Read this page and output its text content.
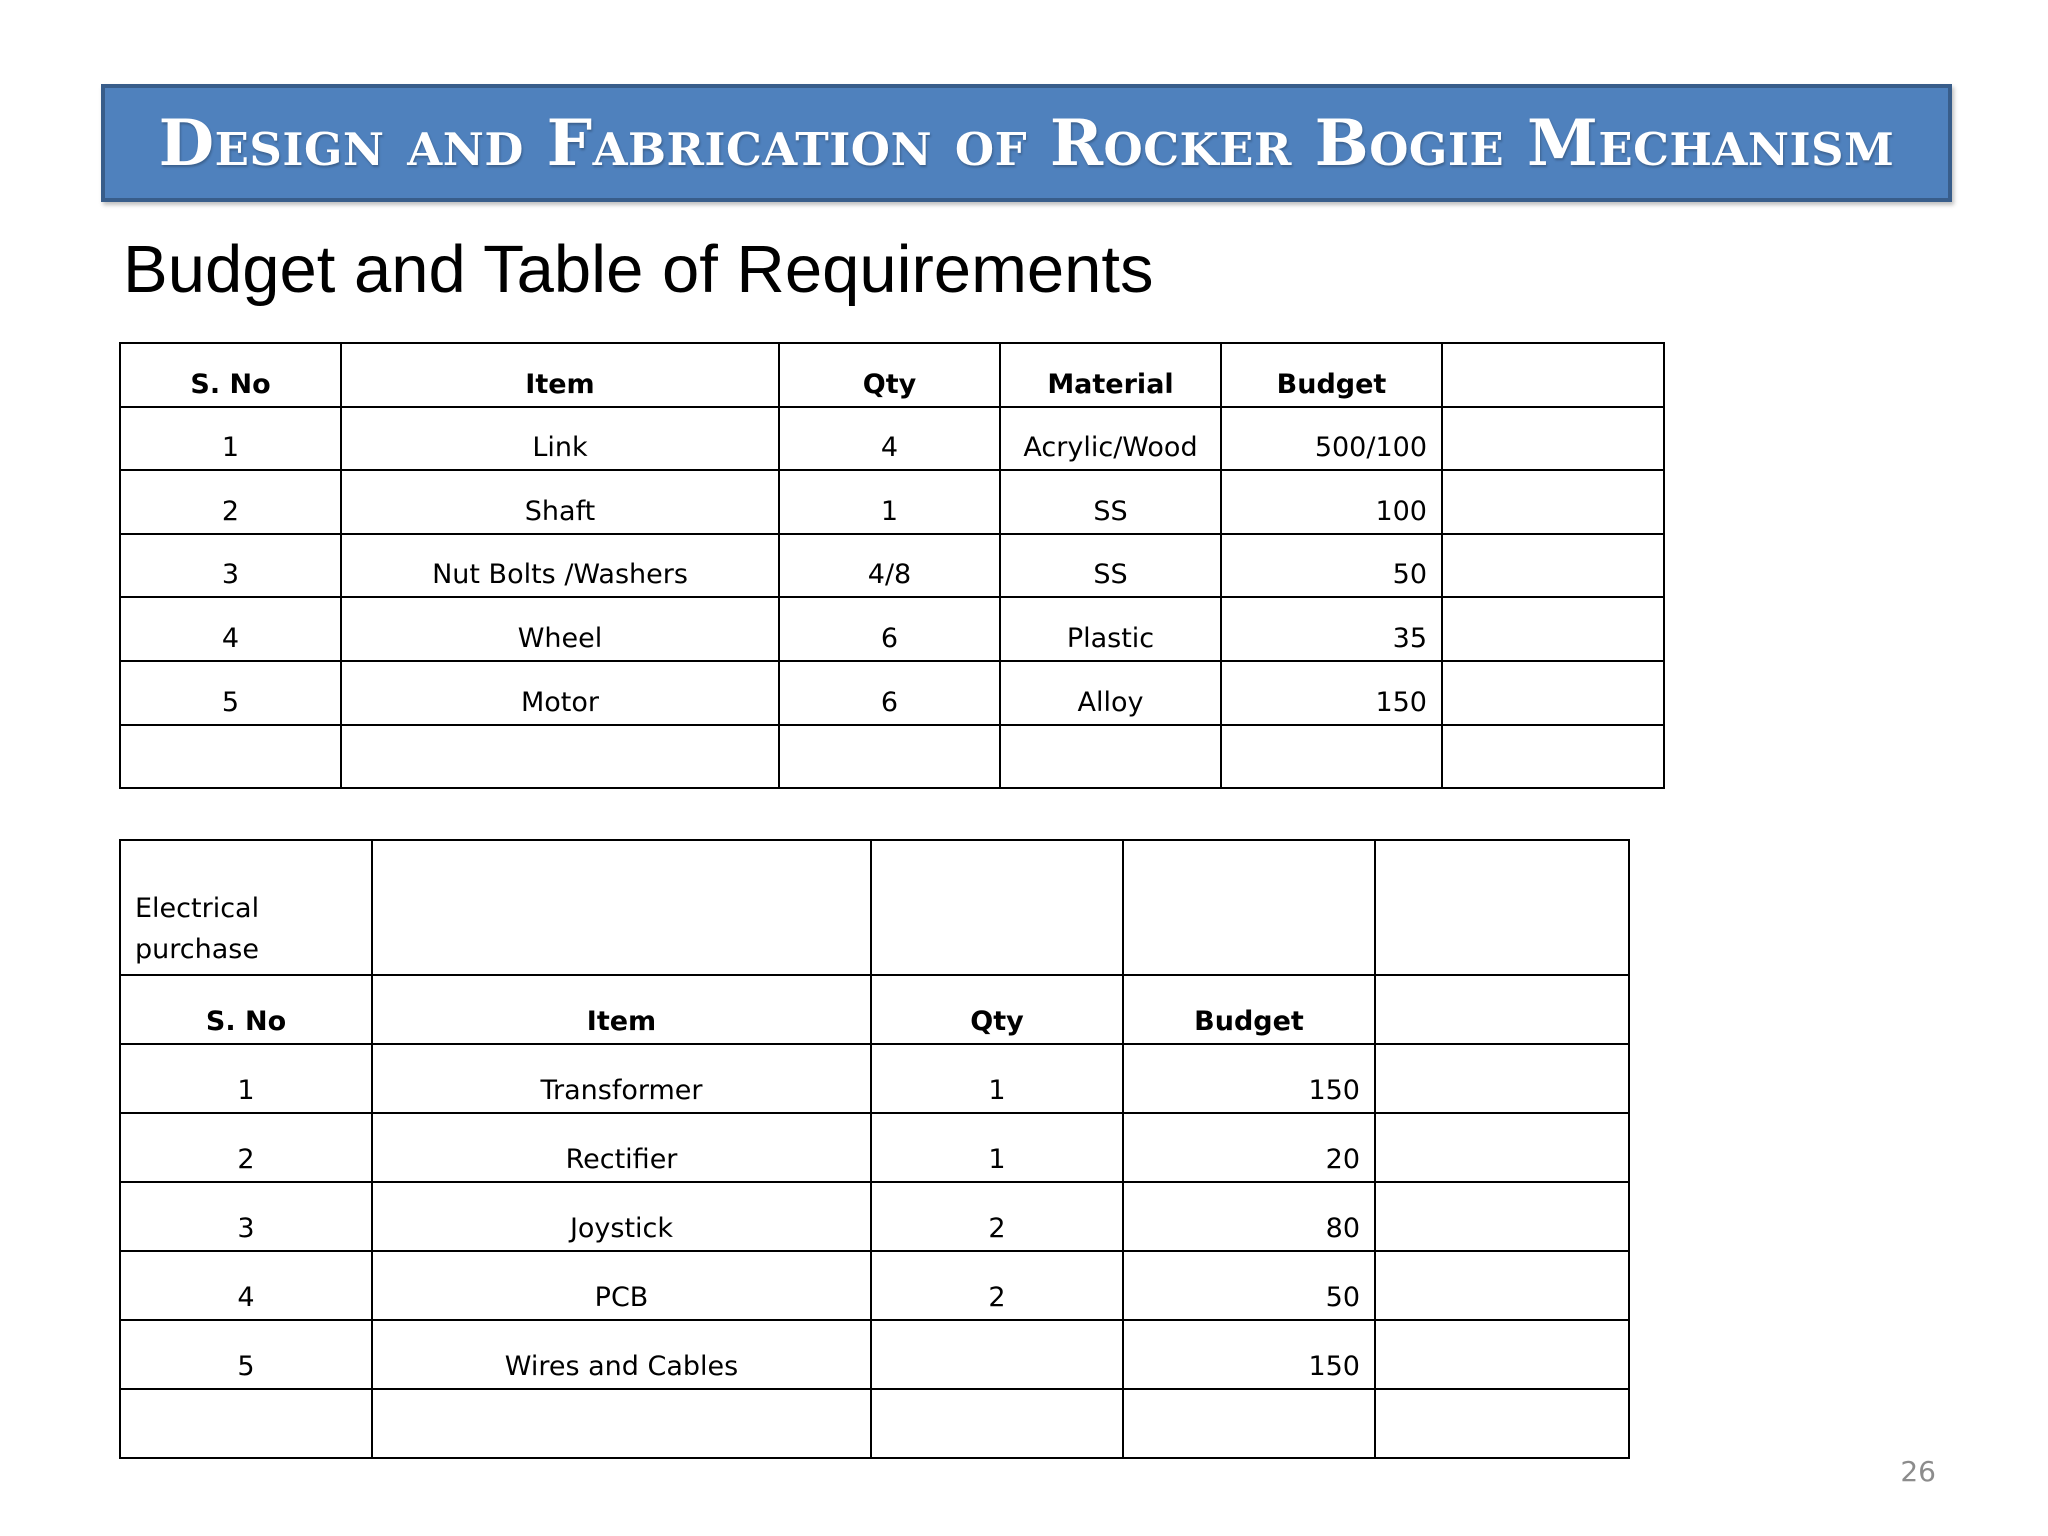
Design and Fabrication of Rocker Bogie Mechanism
Budget and Table of Requirements
S. No	Item	Qty	Material	Budget	
1	Link	4	Acrylic/Wood	500/100	
2	Shaft	1	SS	100	
3	Nut Bolts /Washers	4/8	SS	50	
4	Wheel	6	Plastic	35	
5	Motor	6	Alloy	150	

Electrical purchase				
S. No	Item	Qty	Budget	
1	Transformer	1	150	
2	Rectifier	1	20	
3	Joystick	2	80	
4	PCB	2	50	
5	Wires and Cables		150	

26
